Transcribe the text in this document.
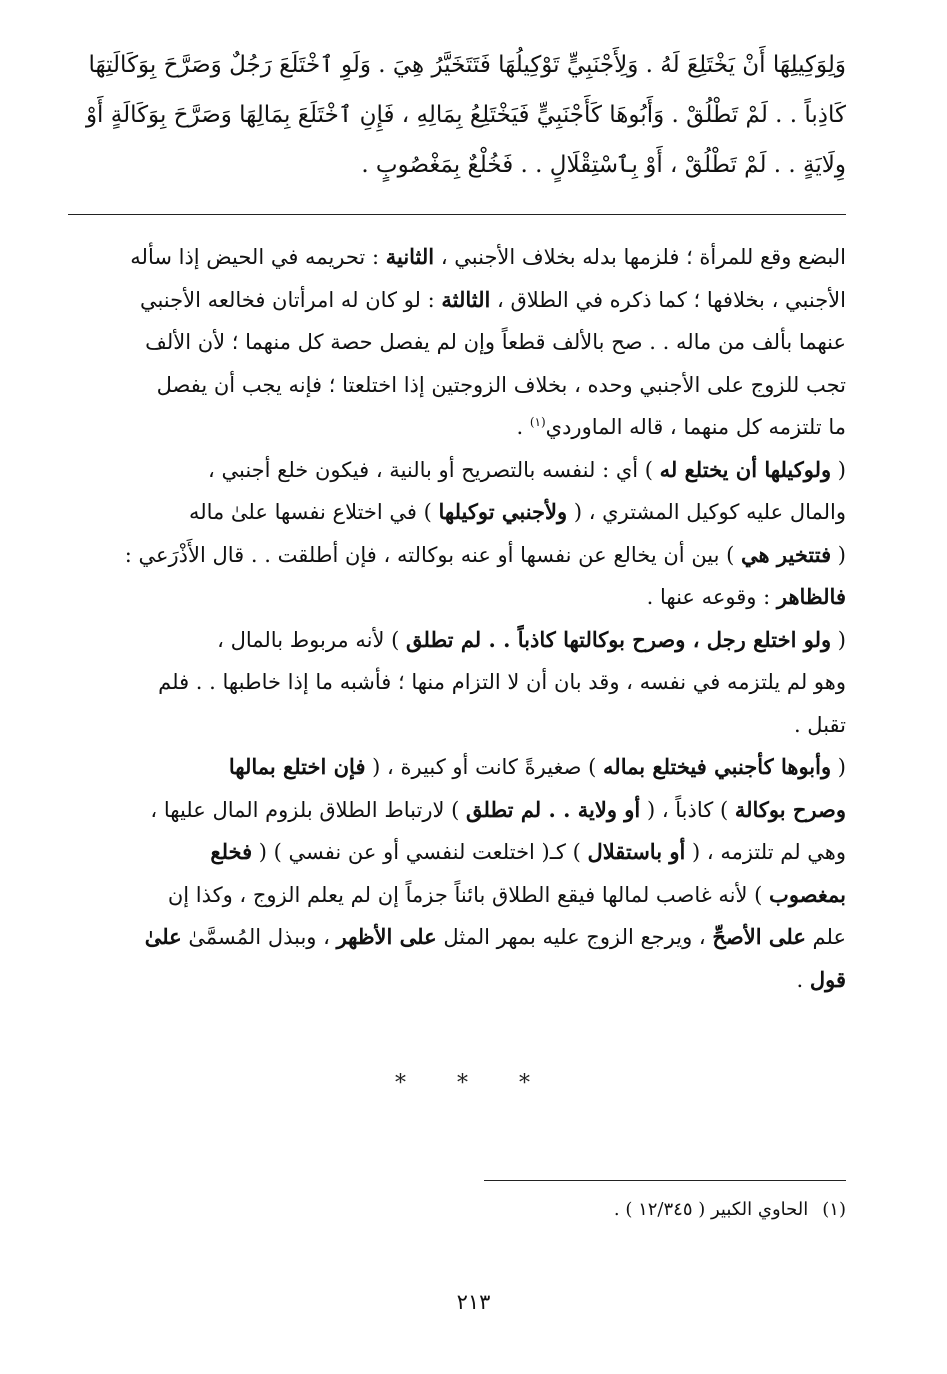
وَلِوَكِيلِهَا أَنْ يَخْتَلِعَ لَهُ . وَلِأَجْنَبِيٍّ تَوْكِيلُهَا فَتَتَخَيَّرُ هِيَ . وَلَوِ ٱخْتَلَعَ رَجُلٌ وَصَرَّحَ بِوَكَالَتِهَا
كَاذِباً . . لَمْ تَطْلُقْ . وَأَبُوهَا كَأَجْنَبِيٍّ فَيَخْتَلِعُ بِمَالِهِ ، فَإِنِ ٱخْتَلَعَ بِمَالِهَا وَصَرَّحَ بِوَكَالَةٍ أَوْ
وِلَايَةٍ . . لَمْ تَطْلُقْ ، أَوْ بِٱسْتِقْلَالٍ . . فَخُلْعٌ بِمَغْصُوبٍ .

البضع وقع للمرأة ؛ فلزمها بدله بخلاف الأجنبي ، الثانية : تحريمه في الحيض إذا سأله
الأجنبي ، بخلافها ؛ كما ذكره في الطلاق ، الثالثة : لو كان له امرأتان فخالعه الأجنبي
عنهما بألف من ماله . . صح بالألف قطعاً وإن لم يفصل حصة كل منهما ؛ لأن الألف
تجب للزوج على الأجنبي وحده ، بخلاف الزوجتين إذا اختلعتا ؛ فإنه يجب أن يفصل
ما تلتزمه كل منهما ، قاله الماوردي$^{(١)}$ .

( ولوكيلها أن يختلع له ) أي : لنفسه بالتصريح أو بالنية ، فيكون خلع أجنبي ،
والمال عليه كوكيل المشتري ، ( ولأجنبي توكيلها ) في اختلاع نفسها علىٰ ماله
( فتتخير هي ) بين أن يخالع عن نفسها أو عنه بوكالته ، فإن أطلقت . . قال الأَذْرَعي :
فالظاهر : وقوعه عنها .

( ولو اختلع رجل ، وصرح بوكالتها كاذباً . . لم تطلق ) لأنه مربوط بالمال ،
وهو لم يلتزمه في نفسه ، وقد بان أن لا التزام منها ؛ فأشبه ما إذا خاطبها . . فلم
تقبل .

( وأبوها كأجنبي فيختلع بماله ) صغيرةً كانت أو كبيرة ، ( فإن اختلع بمالها
وصرح بوكالة ) كاذباً ، ( أو ولاية . . لم تطلق ) لارتباط الطلاق بلزوم المال عليها ،
وهي لم تلتزمه ، ( أو باستقلال ) كـ( اختلعت لنفسي أو عن نفسي ) ( فخلع
بمغصوب ) لأنه غاصب لمالها فيقع الطلاق بائناً جزماً إن لم يعلم الزوج ، وكذا إن
علم على الأصحِّ ، ويرجع الزوج عليه بمهر المثل على الأظهر ، وببذل المُسمَّىٰ علىٰ
قول .

* * *
(١)الحاوي الكبير ( ١٢/٣٤٥ ) .
٢١٣
